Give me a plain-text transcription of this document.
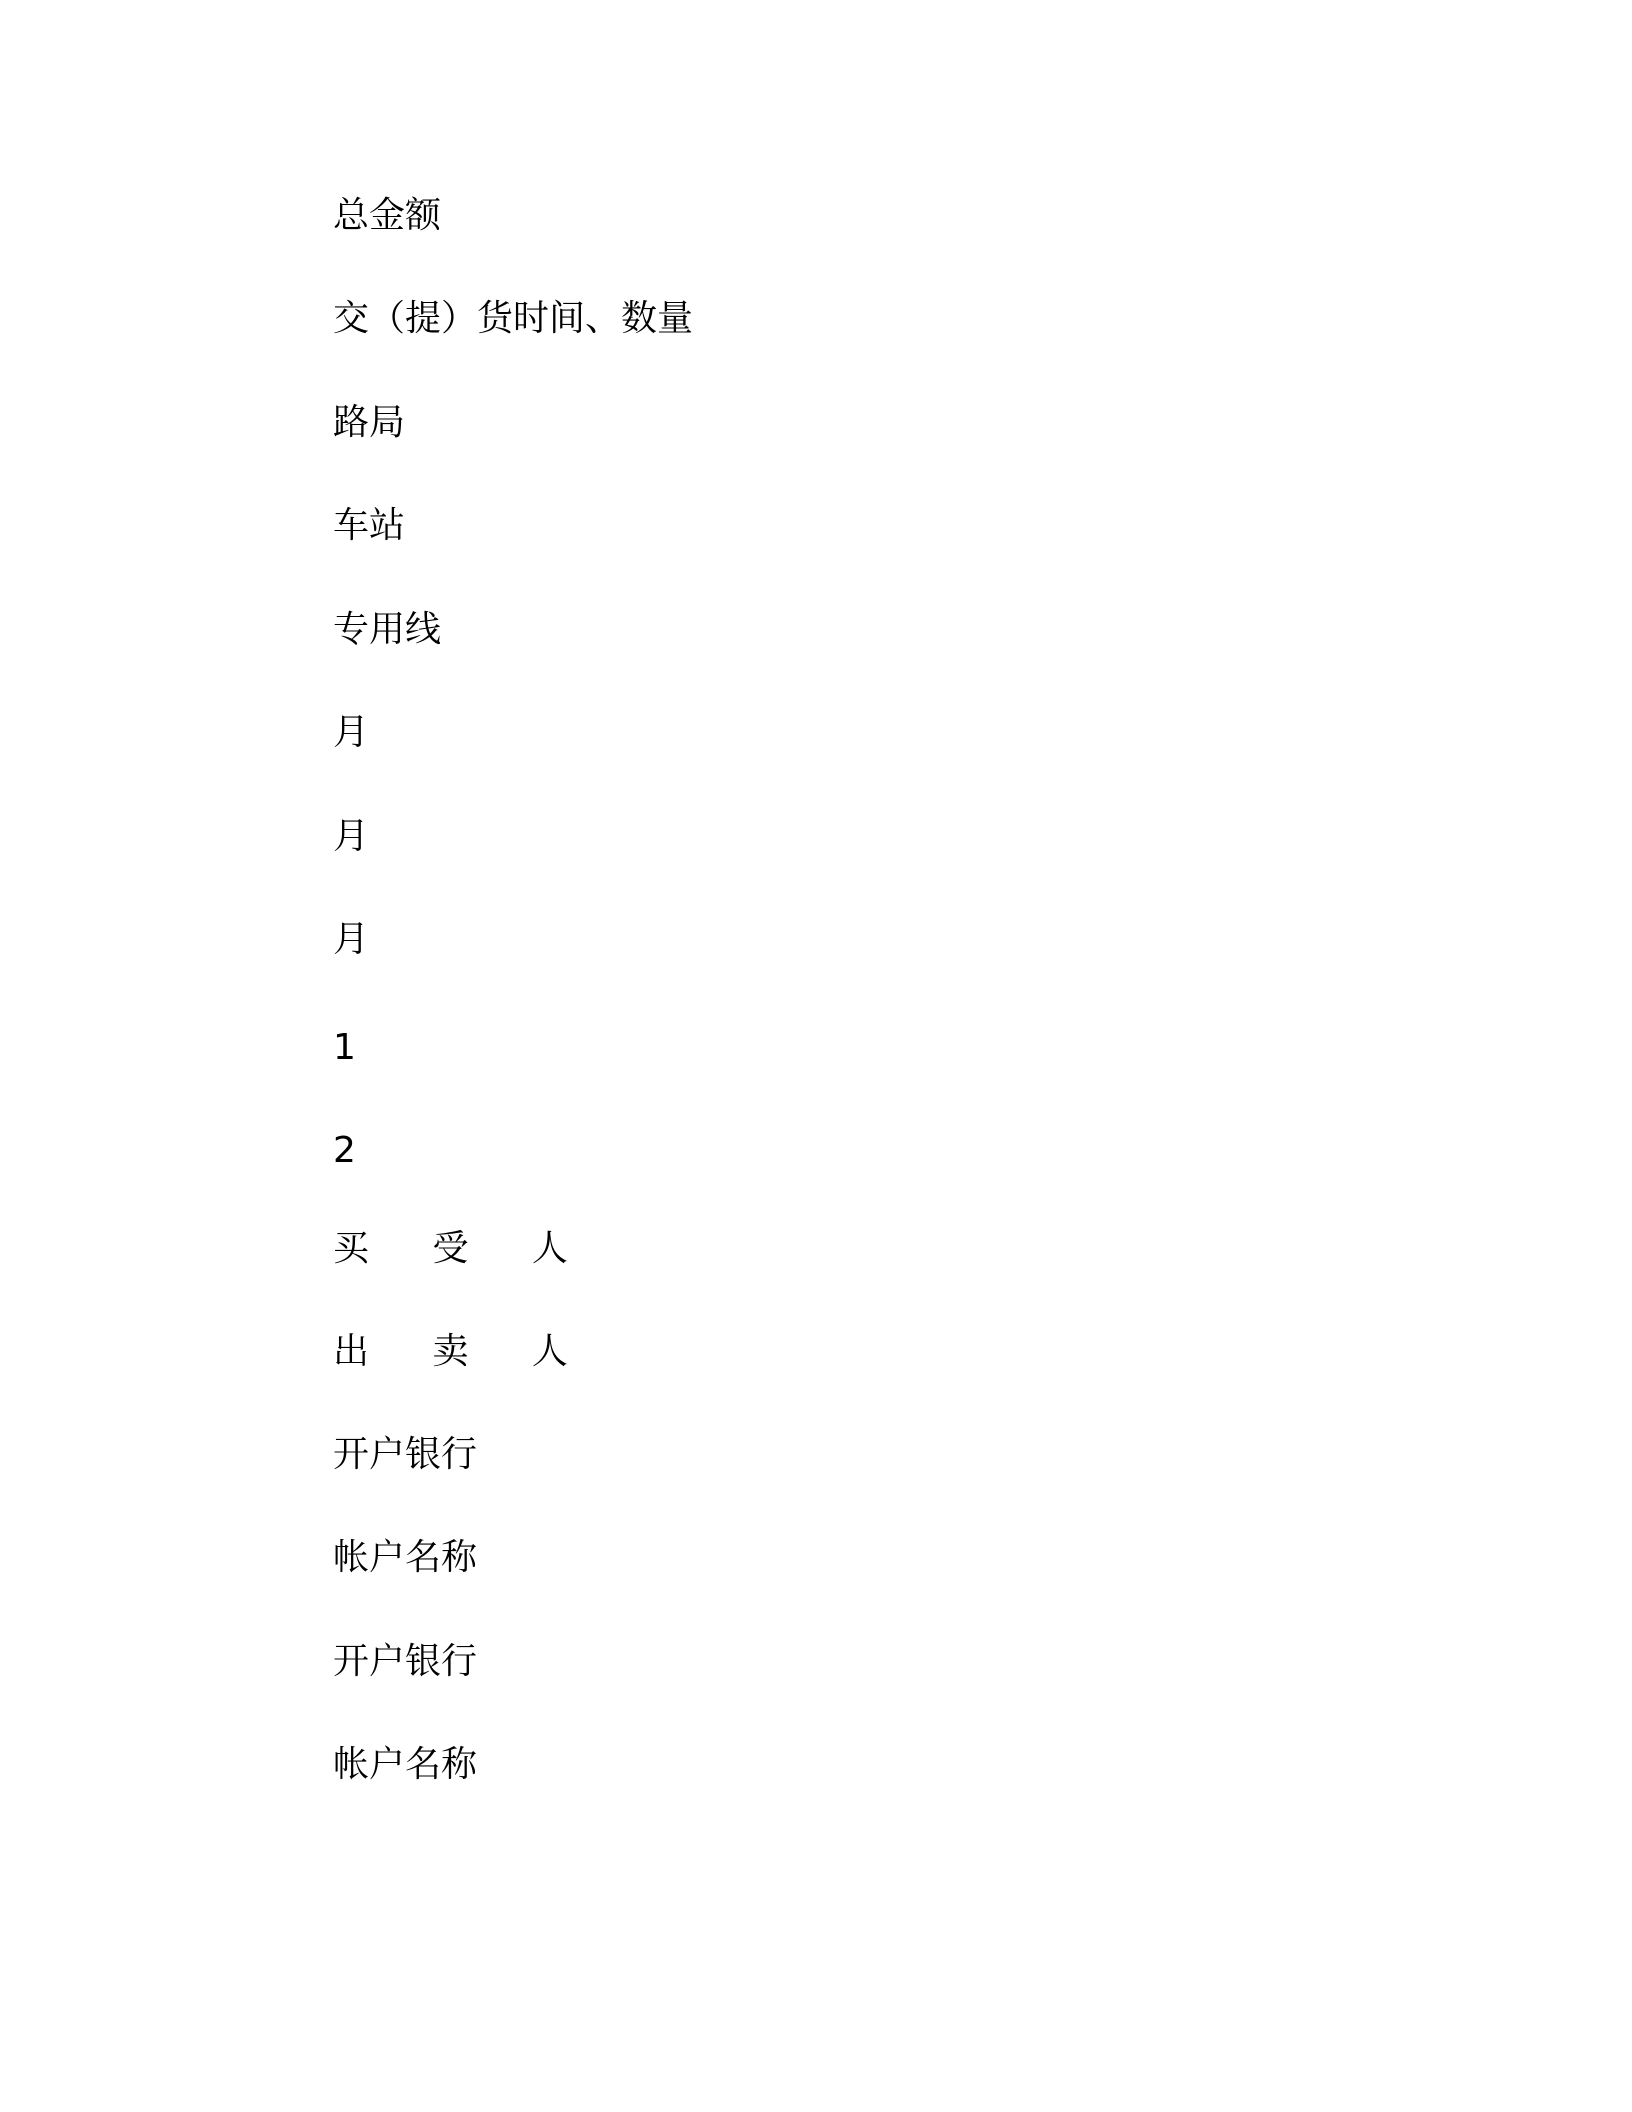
总金额
交（提）货时间、数量
路局
车站
专用线
月
月
月
1
2
买 受 人
出 卖 人
开户银行
帐户名称
开户银行
帐户名称
